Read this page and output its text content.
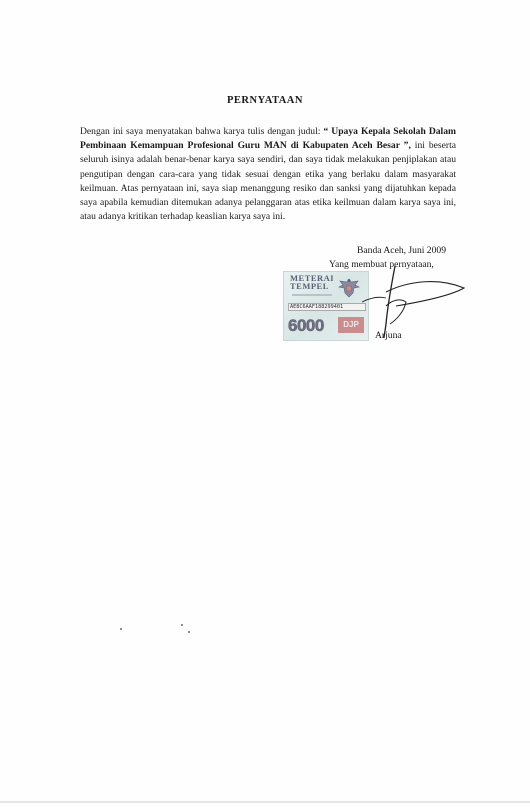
PERNYATAAN
Dengan ini saya menyatakan bahwa karya tulis dengan judul: “ Upaya Kepala Sekolah Dalam Pembinaan Kemampuan Profesional Guru MAN di Kabupaten Aceh Besar ”, ini beserta seluruh isinya adalah benar-benar karya saya sendiri, dan saya tidak melakukan penjiplakan atau pengutipan dengan cara-cara yang tidak sesuai dengan etika yang berlaku dalam masyarakat keilmuan. Atas pernyataan ini, saya siap menanggung resiko dan sanksi yang dijatuhkan kepada saya apabila kemudian ditemukan adanya pelanggaran atas etika keilmuan dalam karya saya ini, atau adanya kritikan terhadap keaslian karya saya ini.
Banda Aceh, Juni 2009
Yang membuat pernyataan,
METERAI
TEMPEL
AE8C6AAF188299401
6000	DJP
Arjuna
